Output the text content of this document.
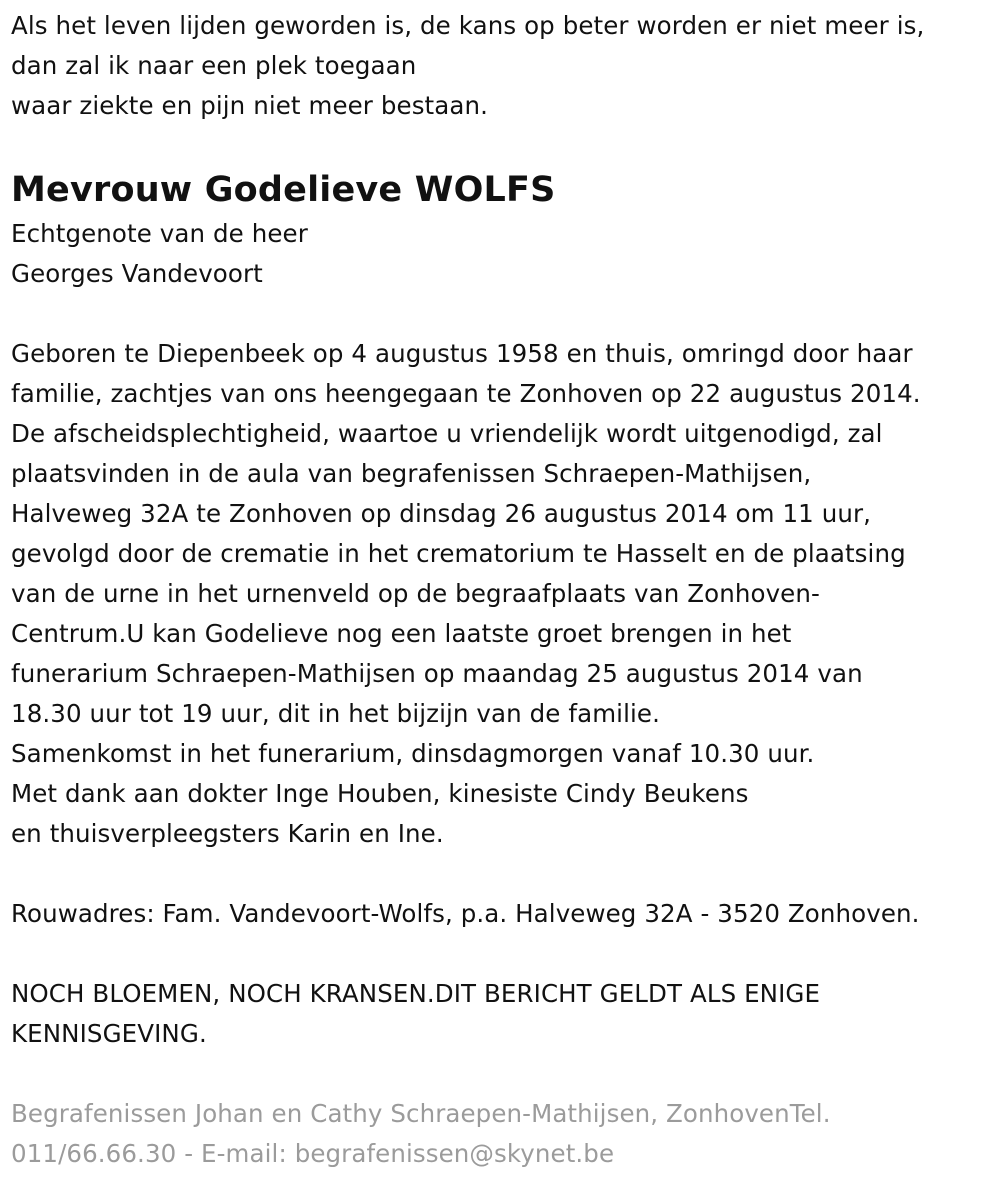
Als het leven lijden geworden is, de kans op beter worden er niet meer is,
dan zal ik naar een plek toegaan
waar ziekte en pijn niet meer bestaan.
Mevrouw Godelieve WOLFS
Echtgenote van de heer
Georges Vandevoort
Geboren te Diepenbeek op 4 augustus 1958 en thuis, omringd door haar
familie, zachtjes van ons heengegaan te Zonhoven op 22 augustus 2014.
De afscheidsplechtigheid, waartoe u vriendelijk wordt uitgenodigd, zal
plaatsvinden in de aula van begrafenissen Schraepen-Mathijsen,
Halveweg 32A te Zonhoven op dinsdag 26 augustus 2014 om 11 uur,
gevolgd door de crematie in het crematorium te Hasselt en de plaatsing
van de urne in het urnenveld op de begraafplaats van Zonhoven-
Centrum.U kan Godelieve nog een laatste groet brengen in het
funerarium Schraepen-Mathijsen op maandag 25 augustus 2014 van
18.30 uur tot 19 uur, dit in het bijzijn van de familie.
Samenkomst in het funerarium, dinsdagmorgen vanaf 10.30 uur.
Met dank aan dokter Inge Houben, kinesiste Cindy Beukens
en thuisverpleegsters Karin en Ine.
Rouwadres: Fam. Vandevoort-Wolfs, p.a. Halveweg 32A - 3520 Zonhoven.
NOCH BLOEMEN, NOCH KRANSEN.DIT BERICHT GELDT ALS ENIGE
KENNISGEVING.
Begrafenissen Johan en Cathy Schraepen-Mathijsen, ZonhovenTel.
011/66.66.30 - E-mail: begrafenissen@skynet.be
